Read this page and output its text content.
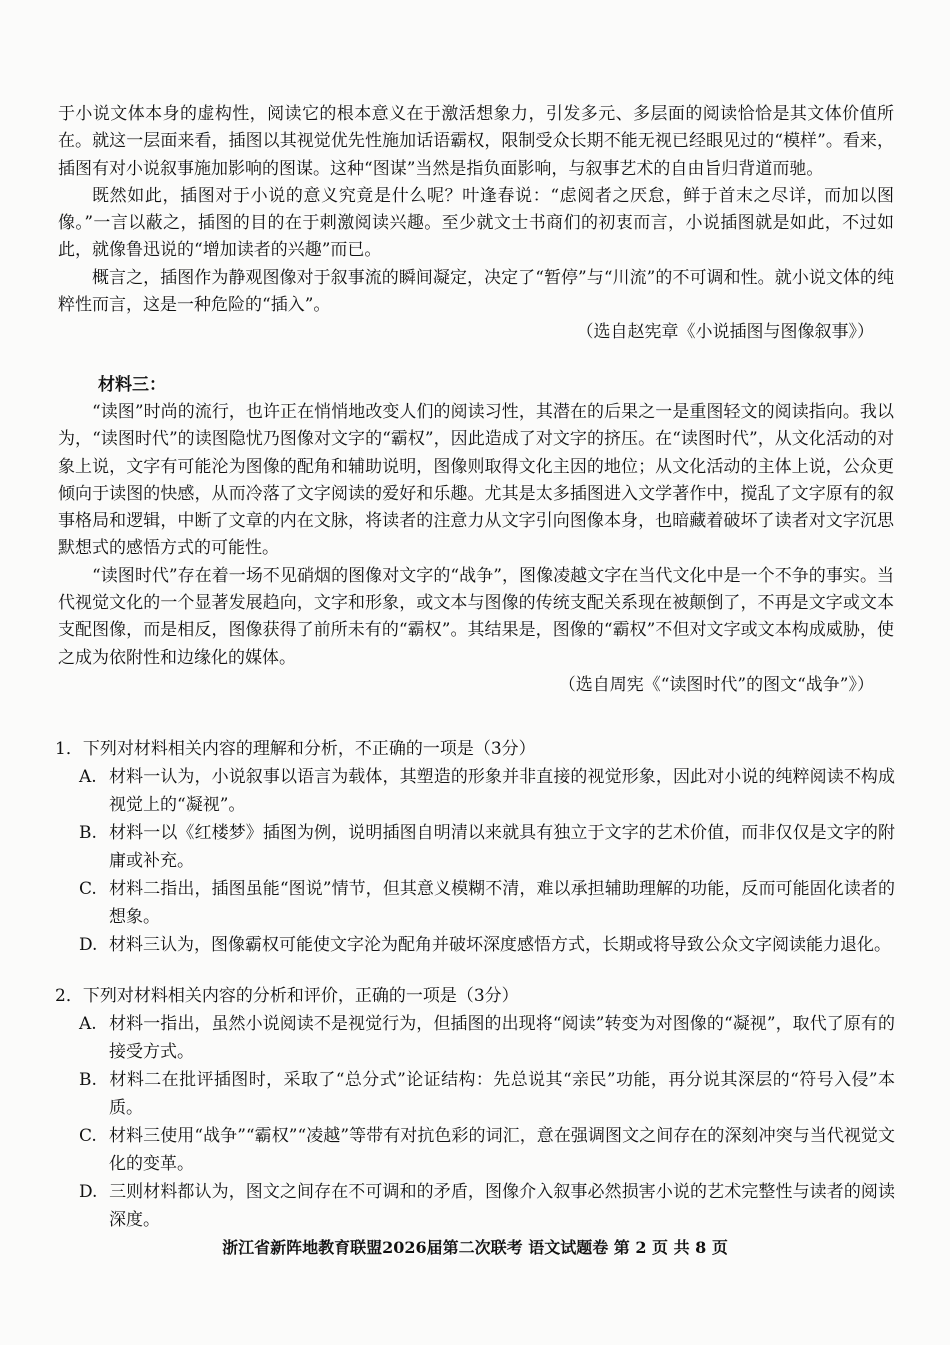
于小说文体本身的虚构性，阅读它的根本意义在于激活想象力，引发多元、多层面的阅读恰恰是其文体价值所在。就这一层面来看，插图以其视觉优先性施加话语霸权，限制受众长期不能无视已经眼见过的“模样”。看来，插图有对小说叙事施加影响的图谋。这种“图谋”当然是指负面影响，与叙事艺术的自由旨归背道而驰。

既然如此，插图对于小说的意义究竟是什么呢？叶逢春说：“虑阅者之厌怠，鲜于首末之尽详，而加以图像。”一言以蔽之，插图的目的在于刺激阅读兴趣。至少就文士书商们的初衷而言，小说插图就是如此，不过如此，就像鲁迅说的“增加读者的兴趣”而已。

概言之，插图作为静观图像对于叙事流的瞬间凝定，决定了“暂停”与“川流”的不可调和性。就小说文体的纯粹性而言，这是一种危险的“插入”。

（选自赵宪章《小说插图与图像叙事》）

材料三：

“读图”时尚的流行，也许正在悄悄地改变人们的阅读习性，其潜在的后果之一是重图轻文的阅读指向。我以为，“读图时代”的读图隐忧乃图像对文字的“霸权”，因此造成了对文字的挤压。在“读图时代”，从文化活动的对象上说，文字有可能沦为图像的配角和辅助说明，图像则取得文化主因的地位；从文化活动的主体上说，公众更倾向于读图的快感，从而冷落了文字阅读的爱好和乐趣。尤其是太多插图进入文学著作中，搅乱了文字原有的叙事格局和逻辑，中断了文章的内在文脉，将读者的注意力从文字引向图像本身，也暗藏着破坏了读者对文字沉思默想式的感悟方式的可能性。

“读图时代”存在着一场不见硝烟的图像对文字的“战争”，图像凌越文字在当代文化中是一个不争的事实。当代视觉文化的一个显著发展趋向，文字和形象，或文本与图像的传统支配关系现在被颠倒了，不再是文字或文本支配图像，而是相反，图像获得了前所未有的“霸权”。其结果是，图像的“霸权”不但对文字或文本构成威胁，使之成为依附性和边缘化的媒体。

（选自周宪《“读图时代”的图文“战争”》）

1．下列对材料相关内容的理解和分析，不正确的一项是（3分）

A. 材料一认为，小说叙事以语言为载体，其塑造的形象并非直接的视觉形象，因此对小说的纯粹阅读不构成视觉上的“凝视”。

B. 材料一以《红楼梦》插图为例，说明插图自明清以来就具有独立于文字的艺术价值，而非仅仅是文字的附庸或补充。

C. 材料二指出，插图虽能“图说”情节，但其意义模糊不清，难以承担辅助理解的功能，反而可能固化读者的想象。

D. 材料三认为，图像霸权可能使文字沦为配角并破坏深度感悟方式，长期或将导致公众文字阅读能力退化。

2．下列对材料相关内容的分析和评价，正确的一项是（3分）

A. 材料一指出，虽然小说阅读不是视觉行为，但插图的出现将“阅读”转变为对图像的“凝视”，取代了原有的接受方式。

B. 材料二在批评插图时，采取了“总分式”论证结构：先总说其“亲民”功能，再分说其深层的“符号入侵”本质。

C. 材料三使用“战争”“霸权”“凌越”等带有对抗色彩的词汇，意在强调图文之间存在的深刻冲突与当代视觉文化的变革。

D. 三则材料都认为，图文之间存在不可调和的矛盾，图像介入叙事必然损害小说的艺术完整性与读者的阅读深度。

浙江省新阵地教育联盟2026届第二次联考 语文试题卷 第 2 页 共 8 页
